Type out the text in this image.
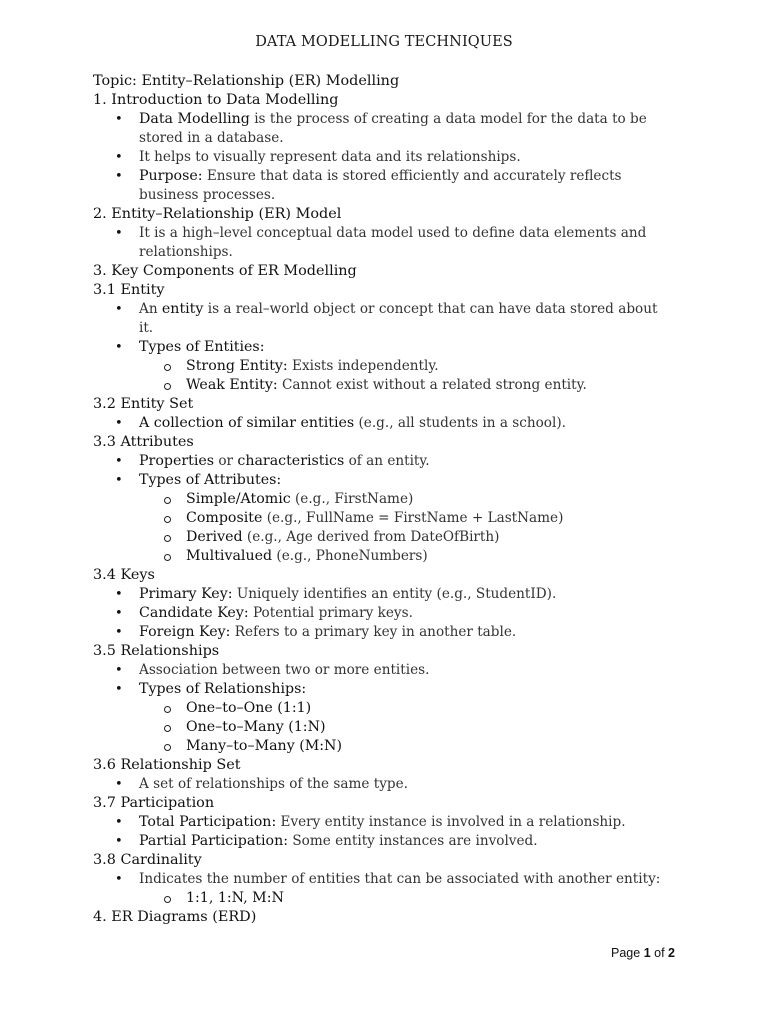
DATA MODELLING TECHNIQUES
Topic: Entity–Relationship (ER) Modelling
1. Introduction to Data Modelling
• Data Modelling is the process of creating a data model for the data to be stored in a database.
• It helps to visually represent data and its relationships.
• Purpose: Ensure that data is stored efficiently and accurately reflects business processes.
2. Entity–Relationship (ER) Model
• It is a high–level conceptual data model used to define data elements and relationships.
3. Key Components of ER Modelling
3.1 Entity
• An entity is a real–world object or concept that can have data stored about it.
• Types of Entities:
Strong Entity: Exists independently.
Weak Entity: Cannot exist without a related strong entity.
3.2 Entity Set
• A collection of similar entities (e.g., all students in a school).
3.3 Attributes
• Properties or characteristics of an entity.
• Types of Attributes:
Simple/Atomic (e.g., FirstName)
Composite (e.g., FullName = FirstName + LastName)
Derived (e.g., Age derived from DateOfBirth)
Multivalued (e.g., PhoneNumbers)
3.4 Keys
• Primary Key: Uniquely identifies an entity (e.g., StudentID).
• Candidate Key: Potential primary keys.
• Foreign Key: Refers to a primary key in another table.
3.5 Relationships
• Association between two or more entities.
• Types of Relationships:
One–to–One (1:1)
One–to–Many (1:N)
Many–to–Many (M:N)
3.6 Relationship Set
• A set of relationships of the same type.
3.7 Participation
• Total Participation: Every entity instance is involved in a relationship.
• Partial Participation: Some entity instances are involved.
3.8 Cardinality
• Indicates the number of entities that can be associated with another entity:
1:1, 1:N, M:N
4. ER Diagrams (ERD)
Page 1 of 2
